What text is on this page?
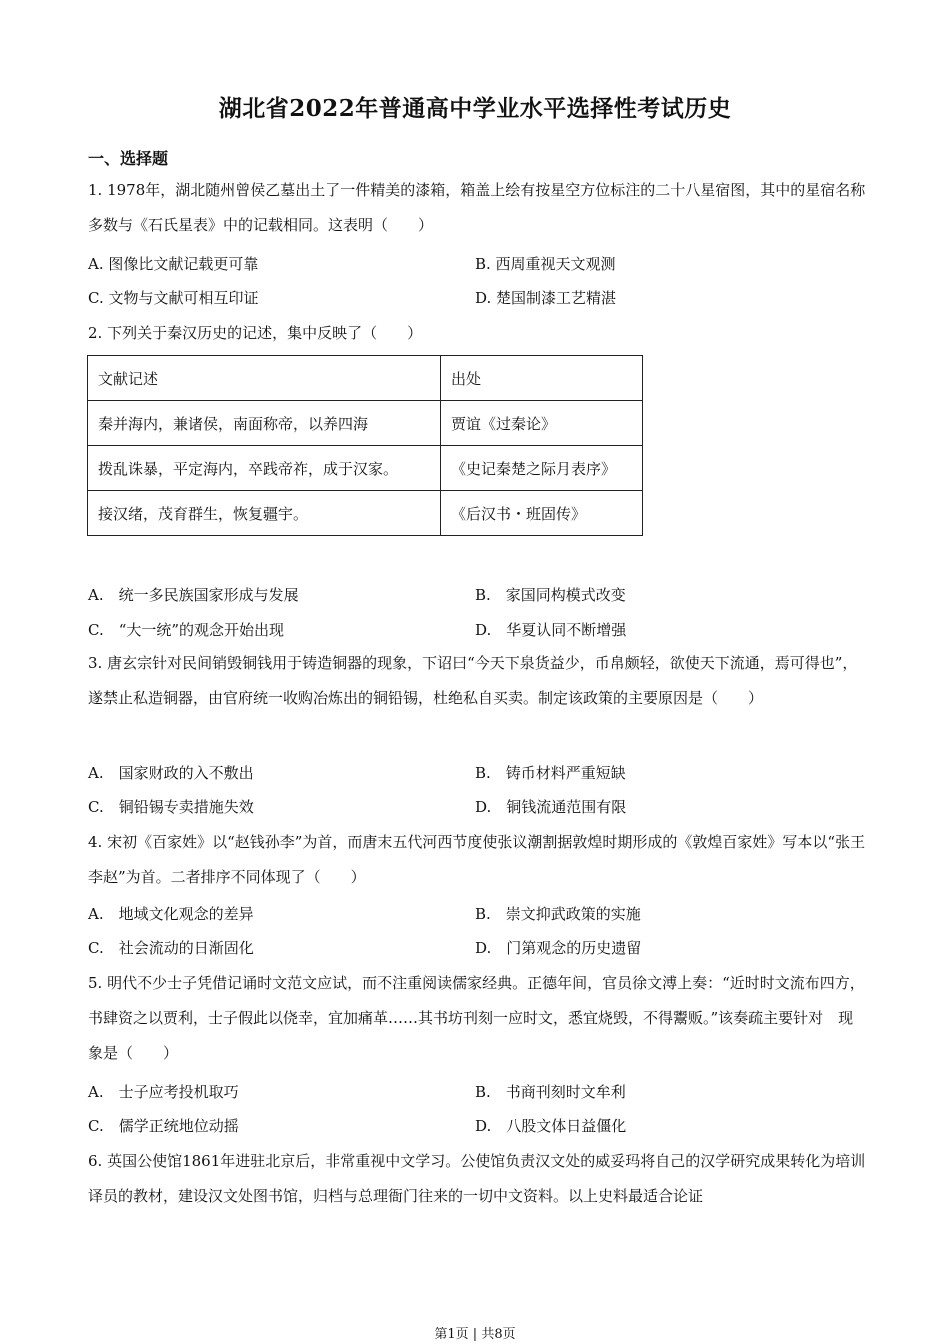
湖北省2022年普通高中学业水平选择性考试历史
一、选择题
1. 1978年，湖北随州曾侯乙墓出土了一件精美的漆箱，箱盖上绘有按星空方位标注的二十八星宿图，其中的星宿名称多数与《石氏星表》中的记载相同。这表明（　　）
A. 图像比文献记载更可靠	B. 西周重视天文观测
C. 文物与文献可相互印证	D. 楚国制漆工艺精湛
2. 下列关于秦汉历史的记述，集中反映了（　　）
文献记述	出处
秦并海内，兼诸侯，南面称帝，以养四海	贾谊《过秦论》
拨乱诛暴，平定海内，卒践帝祚，成于汉家。	《史记秦楚之际月表序》
接汉绪，茂育群生，恢复疆宇。	《后汉书・班固传》
A.　统一多民族国家形成与发展	B.　家国同构模式改变
C.　“大一统”的观念开始出现	D.　华夏认同不断增强
3. 唐玄宗针对民间销毁铜钱用于铸造铜器的现象，下诏曰“今天下泉货益少，币帛颇轻，欲使天下流通，焉可得也”，遂禁止私造铜器，由官府统一收购冶炼出的铜铅锡，杜绝私自买卖。制定该政策的主要原因是（　　）
A.　国家财政的入不敷出	B.　铸币材料严重短缺
C.　铜铅锡专卖措施失效	D.　铜钱流通范围有限
4. 宋初《百家姓》以“赵钱孙李”为首，而唐末五代河西节度使张议潮割据敦煌时期形成的《敦煌百家姓》写本以“张王李赵”为首。二者排序不同体现了（　　）
A.　地域文化观念的差异	B.　崇文抑武政策的实施
C.　社会流动的日渐固化	D.　门第观念的历史遗留
5. 明代不少士子凭借记诵时文范文应试，而不注重阅读儒家经典。正德年间，官员徐文溥上奏：“近时时文流布四方，书肆资之以贾利，士子假此以侥幸，宜加痛革……其书坊刊刻一应时文，悉宜烧毁，不得鬻贩。”该奏疏主要针对　现象是（　　）
A.　士子应考投机取巧	B.　书商刊刻时文牟利
C.　儒学正统地位动摇	D.　八股文体日益僵化
6. 英国公使馆1861年进驻北京后，非常重视中文学习。公使馆负责汉文处的威妥玛将自己的汉学研究成果转化为培训译员的教材，建设汉文处图书馆，归档与总理衙门往来的一切中文资料。以上史料最适合论证
第1页 | 共8页
